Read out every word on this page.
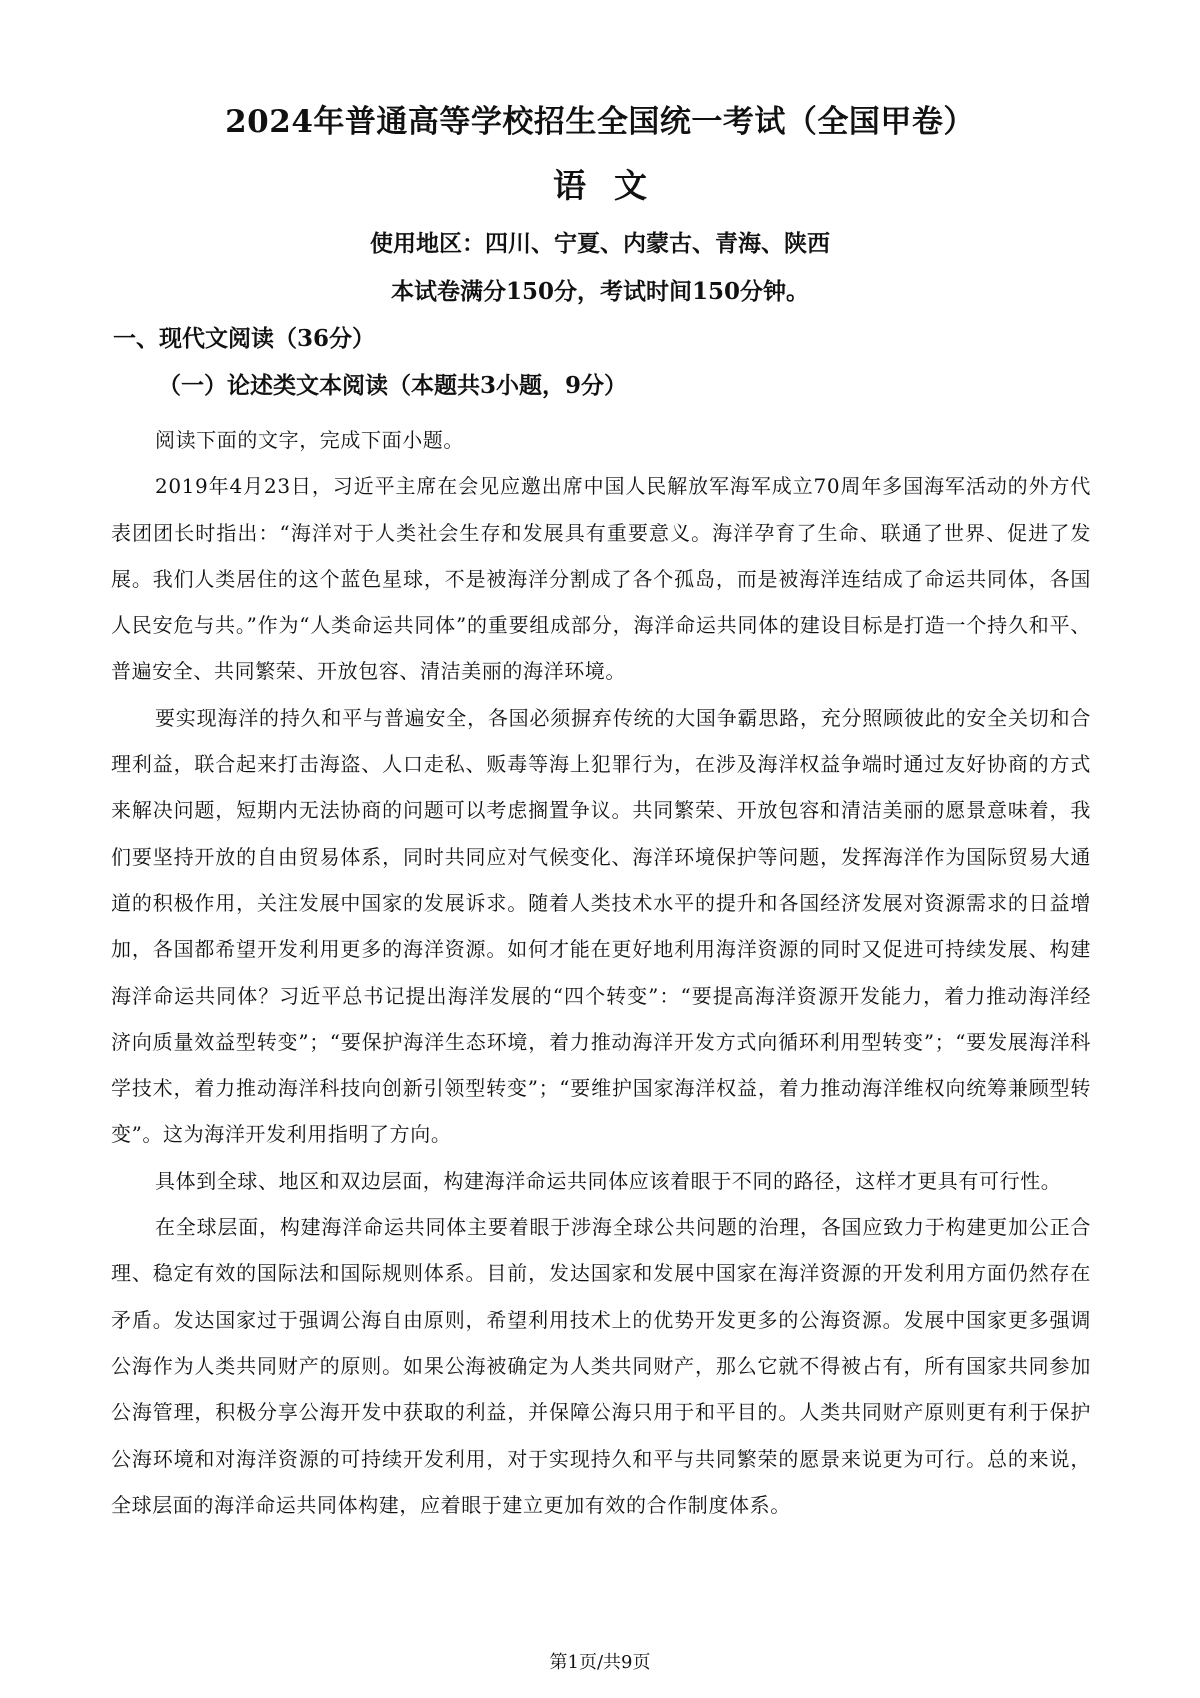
2024年普通高等学校招生全国统一考试（全国甲卷）
语文
使用地区：四川、宁夏、内蒙古、青海、陕西
本试卷满分150分，考试时间150分钟。
一、现代文阅读（36分）
（一）论述类文本阅读（本题共3小题，9分）

阅读下面的文字，完成下面小题。

2019年4月23日，习近平主席在会见应邀出席中国人民解放军海军成立70周年多国海军活动的外方代表团团长时指出：“海洋对于人类社会生存和发展具有重要意义。海洋孕育了生命、联通了世界、促进了发展。我们人类居住的这个蓝色星球，不是被海洋分割成了各个孤岛，而是被海洋连结成了命运共同体，各国人民安危与共。”作为“人类命运共同体”的重要组成部分，海洋命运共同体的建设目标是打造一个持久和平、普遍安全、共同繁荣、开放包容、清洁美丽的海洋环境。

要实现海洋的持久和平与普遍安全，各国必须摒弃传统的大国争霸思路，充分照顾彼此的安全关切和合理利益，联合起来打击海盗、人口走私、贩毒等海上犯罪行为，在涉及海洋权益争端时通过友好协商的方式来解决问题，短期内无法协商的问题可以考虑搁置争议。共同繁荣、开放包容和清洁美丽的愿景意味着，我们要坚持开放的自由贸易体系，同时共同应对气候变化、海洋环境保护等问题，发挥海洋作为国际贸易大通道的积极作用，关注发展中国家的发展诉求。随着人类技术水平的提升和各国经济发展对资源需求的日益增加，各国都希望开发利用更多的海洋资源。如何才能在更好地利用海洋资源的同时又促进可持续发展、构建海洋命运共同体？习近平总书记提出海洋发展的“四个转变”：“要提高海洋资源开发能力，着力推动海洋经济向质量效益型转变”；“要保护海洋生态环境，着力推动海洋开发方式向循环利用型转变”；“要发展海洋科学技术，着力推动海洋科技向创新引领型转变”；“要维护国家海洋权益，着力推动海洋维权向统筹兼顾型转变”。这为海洋开发利用指明了方向。

具体到全球、地区和双边层面，构建海洋命运共同体应该着眼于不同的路径，这样才更具有可行性。

在全球层面，构建海洋命运共同体主要着眼于涉海全球公共问题的治理，各国应致力于构建更加公正合理、稳定有效的国际法和国际规则体系。目前，发达国家和发展中国家在海洋资源的开发利用方面仍然存在矛盾。发达国家过于强调公海自由原则，希望利用技术上的优势开发更多的公海资源。发展中国家更多强调公海作为人类共同财产的原则。如果公海被确定为人类共同财产，那么它就不得被占有，所有国家共同参加公海管理，积极分享公海开发中获取的利益，并保障公海只用于和平目的。人类共同财产原则更有利于保护公海环境和对海洋资源的可持续开发利用，对于实现持久和平与共同繁荣的愿景来说更为可行。总的来说，全球层面的海洋命运共同体构建，应着眼于建立更加有效的合作制度体系。

第1页/共9页
